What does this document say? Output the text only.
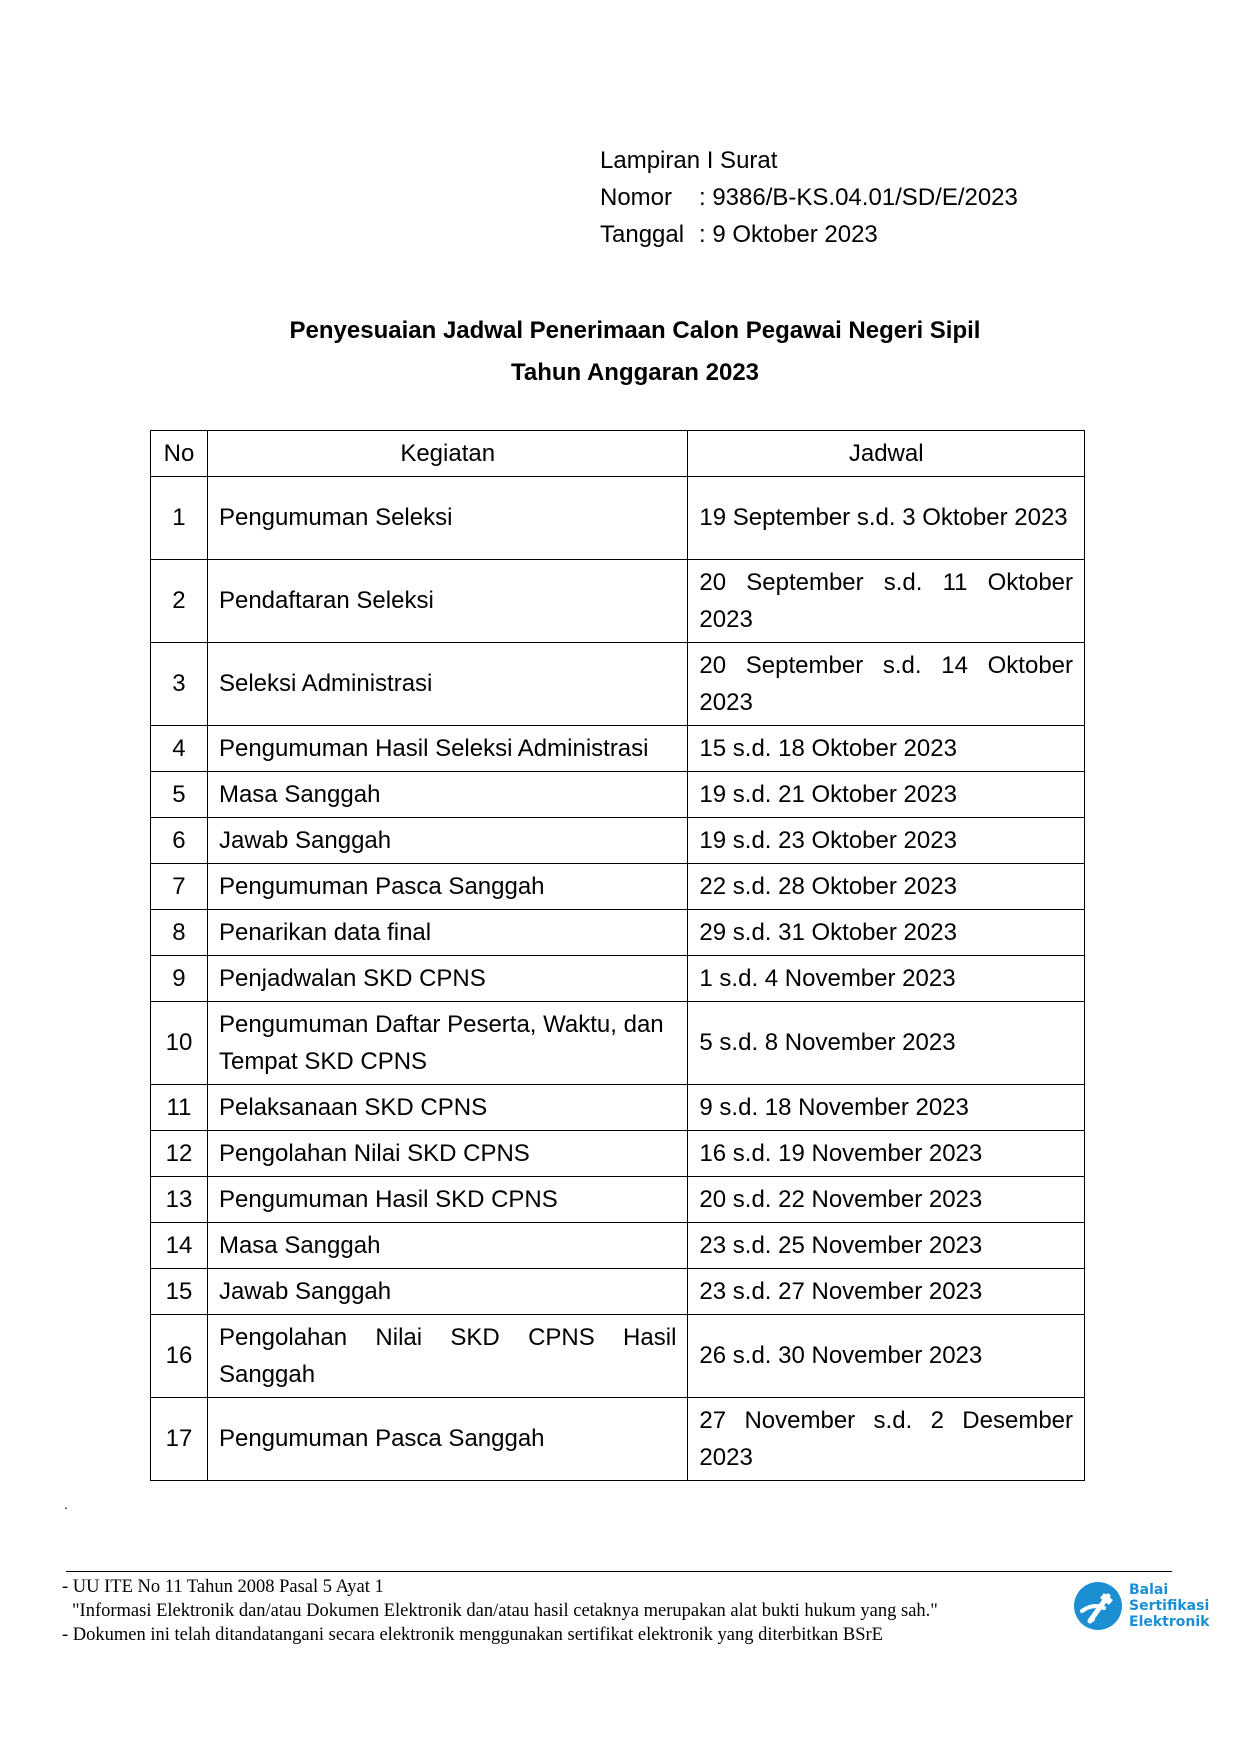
Lampiran I Surat
Nomor	: 9386/B-KS.04.01/SD/E/2023
Tanggal : 9 Oktober 2023
Penyesuaian Jadwal Penerimaan Calon Pegawai Negeri Sipil
Tahun Anggaran 2023
No	Kegiatan	Jadwal
1	Pengumuman Seleksi	19 September s.d. 3 Oktober 2023
2	Pendaftaran Seleksi	20 September s.d. 11 Oktober 2023
3	Seleksi Administrasi	20 September s.d. 14 Oktober 2023
4	Pengumuman Hasil Seleksi Administrasi	15 s.d. 18 Oktober 2023
5	Masa Sanggah	19 s.d. 21 Oktober 2023
6	Jawab Sanggah	19 s.d. 23 Oktober 2023
7	Pengumuman Pasca Sanggah	22 s.d. 28 Oktober 2023
8	Penarikan data final	29 s.d. 31 Oktober 2023
9	Penjadwalan SKD CPNS	1 s.d. 4 November 2023
10	Pengumuman Daftar Peserta, Waktu, dan Tempat SKD CPNS	5 s.d. 8 November 2023
11	Pelaksanaan SKD CPNS	9 s.d. 18 November 2023
12	Pengolahan Nilai SKD CPNS	16 s.d. 19 November 2023
13	Pengumuman Hasil SKD CPNS	20 s.d. 22 November 2023
14	Masa Sanggah	23 s.d. 25 November 2023
15	Jawab Sanggah	23 s.d. 27 November 2023
16	Pengolahan Nilai SKD CPNS Hasil Sanggah	26 s.d. 30 November 2023
17	Pengumuman Pasca Sanggah	27 November s.d. 2 Desember 2023
.
- UU ITE No 11 Tahun 2008 Pasal 5 Ayat 1
"Informasi Elektronik dan/atau Dokumen Elektronik dan/atau hasil cetaknya merupakan alat bukti hukum yang sah."
- Dokumen ini telah ditandatangani secara elektronik menggunakan sertifikat elektronik yang diterbitkan BSrE
Balai
Sertifikasi
Elektronik
